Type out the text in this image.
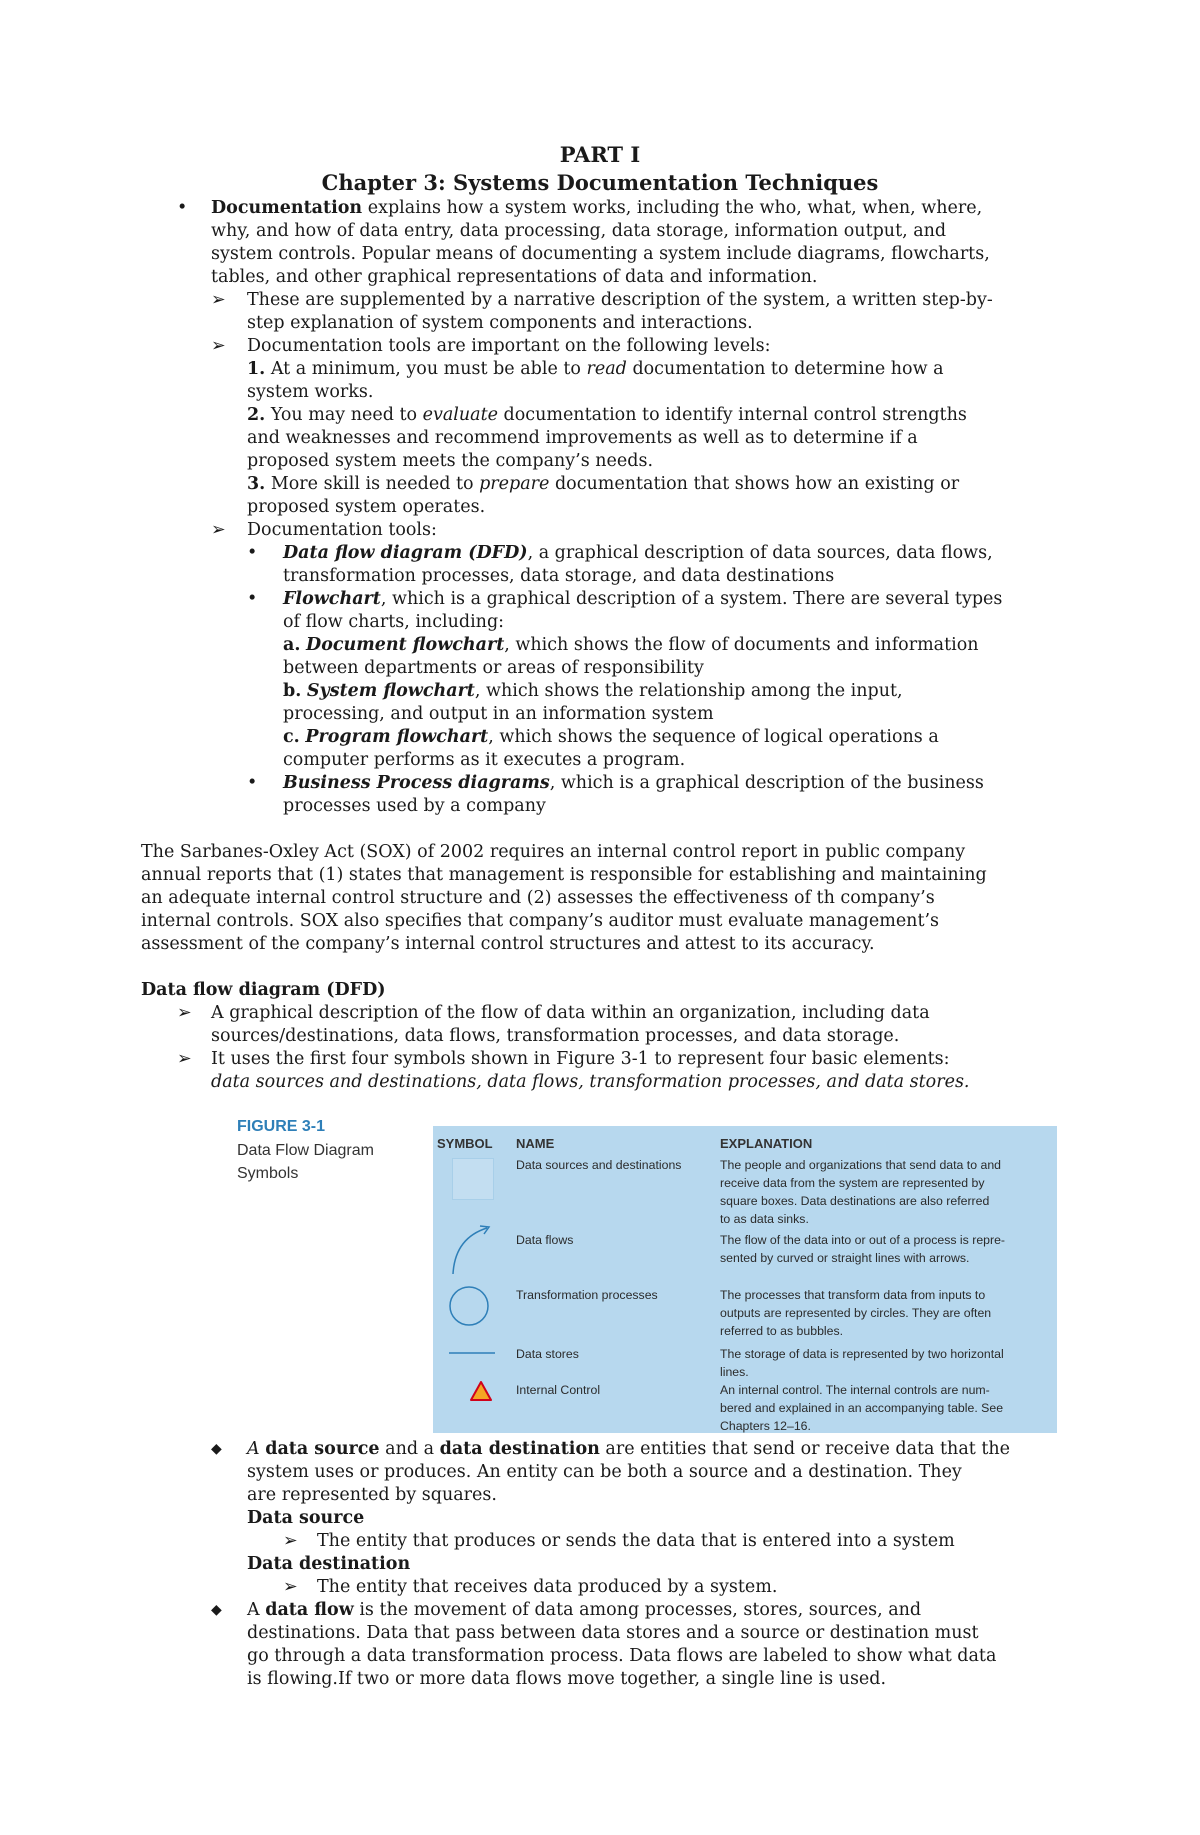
PART I
Chapter 3: Systems Documentation Techniques
• Documentation explains how a system works, including the who, what, when, where,
why, and how of data entry, data processing, data storage, information output, and
system controls. Popular means of documenting a system include diagrams, flowcharts,
tables, and other graphical representations of data and information.
➢ These are supplemented by a narrative description of the system, a written step-by-
step explanation of system components and interactions.
➢ Documentation tools are important on the following levels:
1. At a minimum, you must be able to read documentation to determine how a
system works.
2. You may need to evaluate documentation to identify internal control strengths
and weaknesses and recommend improvements as well as to determine if a
proposed system meets the company’s needs.
3. More skill is needed to prepare documentation that shows how an existing or
proposed system operates.
➢ Documentation tools:
• Data flow diagram (DFD), a graphical description of data sources, data flows,
transformation processes, data storage, and data destinations
• Flowchart, which is a graphical description of a system. There are several types
of flow charts, including:
a. Document flowchart, which shows the flow of documents and information
between departments or areas of responsibility
b. System flowchart, which shows the relationship among the input,
processing, and output in an information system
c. Program flowchart, which shows the sequence of logical operations a
computer performs as it executes a program.
• Business Process diagrams, which is a graphical description of the business
processes used by a company
The Sarbanes-Oxley Act (SOX) of 2002 requires an internal control report in public company
annual reports that (1) states that management is responsible for establishing and maintaining
an adequate internal control structure and (2) assesses the effectiveness of th company’s
internal controls. SOX also specifies that company’s auditor must evaluate management’s
assessment of the company’s internal control structures and attest to its accuracy.
Data flow diagram (DFD)
➢ A graphical description of the flow of data within an organization, including data
sources/destinations, data flows, transformation processes, and data storage.
➢ It uses the first four symbols shown in Figure 3-1 to represent four basic elements:
data sources and destinations, data flows, transformation processes, and data stores.
FIGURE 3-1
Data Flow Diagram
Symbols
SYMBOL NAME	EXPLANATION
Data sources and destinations	The people and organizations that send data to and
receive data from the system are represented by
square boxes. Data destinations are also referred
to as data sinks.
Data flows	The flow of the data into or out of a process is repre-
sented by curved or straight lines with arrows.
Transformation processes	The processes that transform data from inputs to
outputs are represented by circles. They are often
referred to as bubbles.
Data stores	The storage of data is represented by two horizontal
lines.
Internal Control	An internal control. The internal controls are num-
bered and explained in an accompanying table. See
Chapters 12–16.
◆ A data source and a data destination are entities that send or receive data that the
system uses or produces. An entity can be both a source and a destination. They
are represented by squares.
Data source
➢ The entity that produces or sends the data that is entered into a system
Data destination
➢ The entity that receives data produced by a system.
◆ A data flow is the movement of data among processes, stores, sources, and
destinations. Data that pass between data stores and a source or destination must
go through a data transformation process. Data flows are labeled to show what data
is flowing.If two or more data flows move together, a single line is used.
